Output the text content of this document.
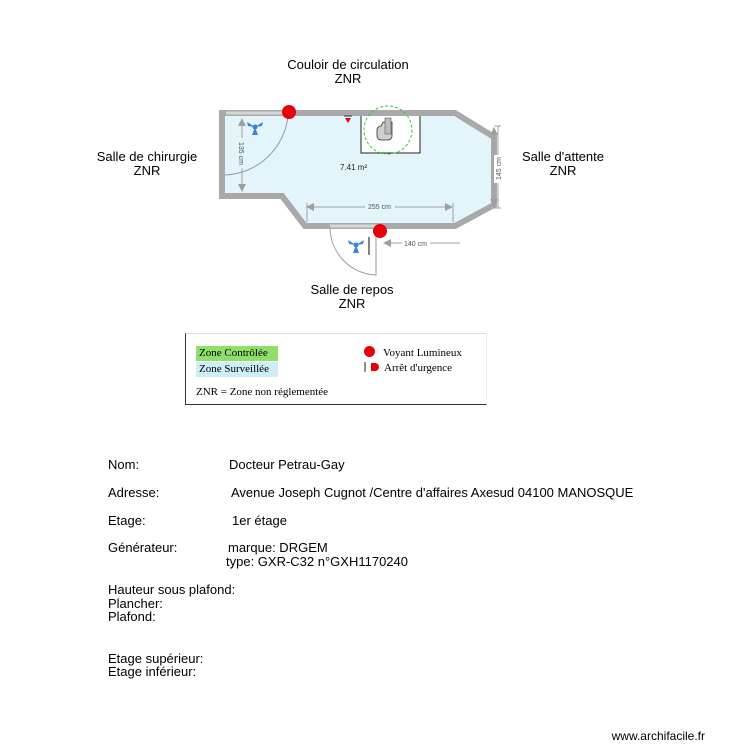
Couloir de circulation
ZNR
Salle de chirurgie
ZNR
Salle d'attente
ZNR
Salle de repos
ZNR
135 cm
145 cm
255 cm
140 cm
7.41 m²
Zone Contrôlée
Zone Surveillée
ZNR = Zone non réglementée
Voyant Lumineux
Arrêt d'urgence
Nom:	Docteur Petrau-Gay
Adresse:	Avenue Joseph Cugnot /Centre d'affaires Axesud 04100 MANOSQUE
Etage:	1er étage
Générateur:	marque: DRGEM
type: GXR-C32 n°GXH1170240
Hauteur sous plafond:
Plancher:
Plafond:
Etage supérieur:
Etage inférieur:
www.archifacile.fr
